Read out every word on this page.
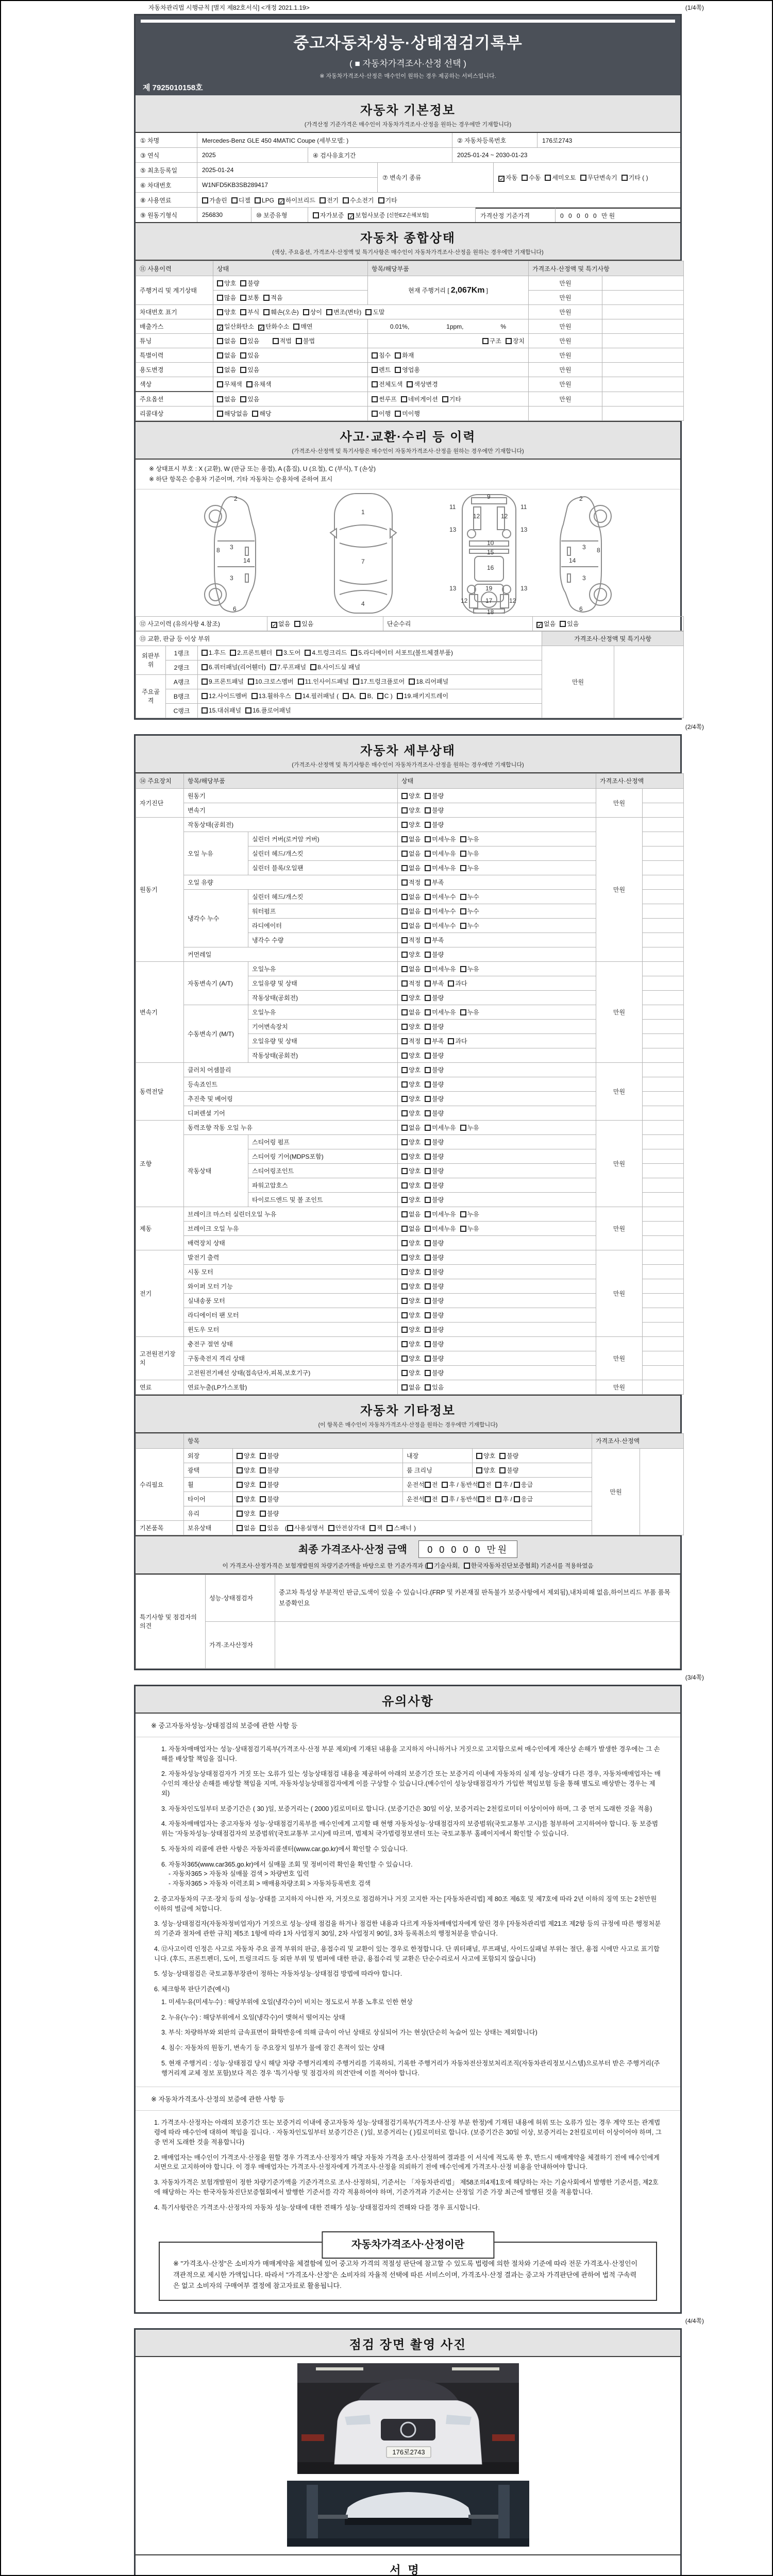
자동차관리법 시행규칙 [별지 제82호서식] <개정 2021.1.19>	(1/4쪽)
중고자동차성능·상태점검기록부
( ■ 자동차가격조사·산정 선택 )
※ 자동차가격조사·산정은 매수인이 원하는 경우 제공하는 서비스입니다.
제 7925010158호
자동차 기본정보
(가격산정 기준가격은 매수인이 자동차가격조사·산정을 원하는 경우에만 기재합니다)
① 차명	Mercedes-Benz GLE 450 4MATIC Coupe (세부모델: )	② 자동차등록번호	176로2743
③ 연식	2025	④ 검사유효기간	2025-01-24 ~ 2030-01-23
⑤ 최초등록일	2025-01-24
⑥ 차대번호	W1NFD5KB3SB289417
⑦ 변속기 종류	✓ 자동 수동 세미오토 무단변속기 기타 ( )
⑧ 사용연료	가솔린 디젤 LPG ✓ 하이브리드 전기 수소전기 기타
⑨ 원동기형식	256830	⑩ 보증유형	자가보증 ✓ 보험사보증 [신한EZ손해보험]	가격산정 기준가격	0 0 0 0 0 만원
자동차 종합상태
(색상, 주요옵션, 가격조사·산정액 및 특기사항은 매수인이 자동차가격조사·산정을 원하는 경우에만 기재합니다)
⑪ 사용이력	상태	항목/해당부품	가격조사·산정액 및 특기사항	
주행거리 및 계기상태	양호 불량	현재 주행거리 [ 2,067Km ]	만원	
	많음 보통 적음		만원	
차대번호 표기	양호 부식 훼손(오손) 상이 변조(변타) 도말		만원	
배출가스	✓ 일산화탄소 ✓ 탄화수소 매연	0.01%, 1ppm, %	만원	
튜닝	없음 있음 적법 불법	구조 장치	만원	
특별이력	없음 있음	침수 화재	만원	
용도변경	없음 있음	렌트 영업용	만원	
색상	무채색 유채색	전체도색 색상변경	만원	
주요옵션	없음 있음	썬루프 네비게이션 기타	만원	
리콜대상	해당없음 해당	이행 미이행		
사고·교환·수리 등 이력
(가격조사·산정액 및 특기사항은 매수인이 자동차가격조사·산정을 원하는 경우에만 기재합니다)
※ 상태표시 부호 : X (교환), W (판금 또는 용접), A (흠집), U (요철), C (부식), T (손상)
※ 하단 항목은 승용차 기준이며, 기타 자동차는 승용차에 준하여 표시
2
8 3
14
3
6
1
7
4
9
11	11
12	12
13	13
10
15
16
13	19	13
12	17	12
18
2
8
3
14
3
6
⑫ 사고이력 (유의사항 4.참조)	✓ 없음 있음	단순수리	✓ 없음 있음
⑬ 교환, 판금 등 이상 부위			가격조사·산정액 및 특기사항	
외판부위	1랭크	1.후드 2.프론트휀더 3.도어 4.트렁크리드 5.라디에이터 서포트(볼트체결부품)	만원	
	2랭크	6.쿼터패널(리어휀더) 7.루프패널 8.사이드실 패널		
주요골격	A랭크	9.프론트패널 10.크로스멤버 11.인사이드패널 17.트렁크플로어 18.리어패널		
	B랭크	12.사이드멤버 13.휠하우스 14.필러패널 ( A, B, C ) 19.패키지트레이		
	C랭크	15.대쉬패널 16.플로어패널		
(2/4쪽)
자동차 세부상태
(가격조사·산정액 및 특기사항은 매수인이 자동차가격조사·산정을 원하는 경우에만 기재합니다)
⑭ 주요장치	항목/해당부품		상태	가격조사·산정액	
자기진단	원동기		양호 불량	만원	
	변속기		양호 불량		
원동기	작동상태(공회전)		양호 불량	만원	
	오일 누유	실린더 커버(로커암 커버)	없음 미세누유 누유		
		실린더 헤드/개스킷	없음 미세누유 누유		
		실린더 블록/오일팬	없음 미세누유 누유		
	오일 유량		적정 부족		
	냉각수 누수	실린더 헤드/개스킷	없음 미세누수 누수		
		워터펌프	없음 미세누수 누수		
		라디에이터	없음 미세누수 누수		
		냉각수 수량	적정 부족		
	커먼레일		양호 불량		
변속기	자동변속기 (A/T)	오일누유	없음 미세누유 누유	만원	
		오일유량 및 상태	적정 부족 과다		
		작동상태(공회전)	양호 불량		
	수동변속기 (M/T)	오일누유	없음 미세누유 누유		
		기어변속장치	양호 불량		
		오일유량 및 상태	적정 부족 과다		
		작동상태(공회전)	양호 불량		
동력전달	클러치 어셈블리		양호 불량	만원	
	등속죠인트		양호 불량		
	추진축 및 베어링		양호 불량		
	디퍼렌셜 기어		양호 불량		
조향	동력조향 작동 오일 누유		없음 미세누유 누유	만원	
	작동상태	스티어링 펌프	양호 불량		
		스티어링 기어(MDPS포함)	양호 불량		
		스티어링조인트	양호 불량		
		파워고압호스	양호 불량		
		타이로드엔드 및 볼 조인트	양호 불량		
제동	브레이크 마스터 실린더오일 누유		없음 미세누유 누유	만원	
	브레이크 오일 누유		없음 미세누유 누유		
	배력장치 상태		양호 불량		
전기	발전기 출력		양호 불량	만원	
	시동 모터		양호 불량		
	와이퍼 모터 기능		양호 불량		
	실내송풍 모터		양호 불량		
	라디에이터 팬 모터		양호 불량		
	윈도우 모터		양호 불량		
고전원전기장치	충전구 절연 상태		양호 불량	만원	
	구동축전지 격리 상태		양호 불량		
	고전원전기배선 상태(접속단자,피복,보호기구)		양호 불량		
연료	연료누출(LP가스포함)		없음 있음	만원	
자동차 기타정보
(이 항목은 매수인이 자동차가격조사·산정을 원하는 경우에만 기재합니다)
	항목				가격조사·산정액	
수리필요	외장	양호 불량	내장	양호 불량	만원	
	광택	양호 불량	룸 크리닝	양호 불량		
	휠	양호 불량	운전석 전 후 / 동반석 전 후 / 응급			
	타이어	양호 불량	운전석 전 후 / 동반석 전 후 / 응급			
	유리	양호 불량				
기본품목	보유상태	없음 있음 ( 사용설명서 안전삼각대 잭 스패너 )				
최종 가격조사·산정 금액 0 0 0 0 0 만원
이 가격조사·산정가격은 보험개발원의 차량기준가액을 바탕으로 한 기준가격과 ( 기술사회, 한국자동차진단보증협회) 기준서를 적용하였음
특기사항 및 점검자의 의견	성능·상태점검자	중고차 특성상 부분적인 판금,도색이 있을 수 있습니다.(FRP 및 카본재질 판독불가 보증사항에서 제외됨),내차피해 없음,하이브리드 부품 품목 보증확인요
	가격·조사산정자	
(3/4쪽)
유의사항
※ 중고자동차성능·상태점검의 보증에 관한 사항 등
1. 자동차매매업자는 성능·상태점검기록부(가격조사·산정 부분 제외)에 기재된 내용을 고지하지 아니하거나 거짓으로 고지함으로써 매수인에게 재산상 손해가 발생한 경우에는 그 손해를 배상할 책임을 집니다.
2. 자동차성능상태점검자가 거짓 또는 오류가 있는 성능상태점검 내용을 제공하여 아래의 보증기간 또는 보증거리 이내에 자동차의 실제 성능·상태가 다른 경우, 자동차매매업자는 매수인의 재산상 손해를 배상할 책임을 지며, 자동차성능상태점검자에게 이를 구상할 수 있습니다.(매수인이 성능상태점검자가 가입한 책임보험 등을 통해 별도로 배상받는 경우는 제외)
3. 자동차인도일부터 보증기간은 ( 30 )일, 보증거리는 ( 2000 )킬로미터로 합니다. (보증기간은 30일 이상, 보증거리는 2천킬로미터 이상이어야 하며, 그 중 먼저 도래한 것을 적용)
4. 자동차매매업자는 중고자동차 성능·상태점검기록부를 매수인에게 고지할 때 현행 자동차성능·상태점검자의 보증범위(국토교통부 고시)를 첨부하여 고지하여야 합니다. 동 보증범위는 '자동차성능·상태점검자의 보증범위'(국토교통부 고시)에 따르며, 법제처 국가법령정보센터 또는 국토교통부 홈페이지에서 확인할 수 있습니다.
5. 자동차의 리콜에 관한 사항은 자동차리콜센터(www.car.go.kr)에서 확인할 수 있습니다.
6. 자동차365(www.car365.go.kr)에서 실매물 조회 및 정비이력 확인을 확인할 수 있습니다.
- 자동차365 > 자동차 실매물 검색 > 차량번호 입력
- 자동차365 > 자동차 이력조회 > 매매용차량조회 > 자동차등록번호 검색
2. 중고자동차의 구조·장치 등의 성능·상태를 고지하지 아니한 자, 거짓으로 점검하거나 거짓 고지한 자는 [자동차관리법] 제 80조 제6호 및 제7호에 따라 2년 이하의 징역 또는 2천만원 이하의 벌금에 처합니다.
3. 성능·상태점검자(자동차정비업자)가 거짓으로 성능·상태 점검을 하거나 점검한 내용과 다르게 자동차매매업자에게 알린 경우 [자동차관리법 제21조 제2항 등의 규정에 따른 행정처분의 기준과 절차에 관한 규칙] 제5조 1항에 따라 1차 사업정지 30일, 2차 사업정지 90일, 3차 등록취소의 행정처분을 받습니다.
4. ⑫사고이력 인정은 사고로 자동차 주요 골격 부위의 판금, 용접수리 및 교환이 있는 경우로 한정합니다. 단 쿼터패널, 루프패널, 사이드실패널 부위는 절단, 용접 시에만 사고로 표기합니다. (후드, 프론트펜더, 도어, 트렁크리드 등 외판 부위 및 범퍼에 대한 판금, 용접수리 및 교환은 단순수리로서 사고에 포함되지 않습니다)
5. 성능·상태점검은 국토교통부장관이 정하는 자동차성능·상태점검 방법에 따라야 합니다.
6. 체크항목 판단기준(예시)
1. 미세누유(미세누수) : 해당부위에 오일(냉각수)이 비치는 정도로서 부품 노후로 인한 현상
2. 누유(누수) : 해당부위에서 오일(냉각수)이 맺혀서 떨어지는 상태
3. 부식: 차량하부와 외판의 금속표면이 화학반응에 의해 금속이 아닌 상태로 상실되어 가는 현상(단순히 녹슬어 있는 상태는 제외합니다)
4. 침수: 자동차의 원동기, 변속기 등 주요장치 일부가 물에 잠긴 흔적이 있는 상태
5. 현재 주행거리 : 성능·상태점검 당시 해당 차량 주행거리계의 주행거리를 기록하되, 기록한 주행거리가 자동차전산정보처리조직(자동차관리정보시스템)으로부터 받은 주행거리(주행거리계 교체 정보 포함)보다 적은 경우 '특기사항 및 점검자의 의견'란에 이를 적어야 합니다.
※ 자동차가격조사·산정의 보증에 관한 사항 등
1. 가격조사·산정자는 아래의 보증기간 또는 보증거리 이내에 중고자동차 성능·상태점검기록부(가격조사·산정 부분 한정)에 기재된 내용에 허위 또는 오류가 있는 경우 계약 또는 관계법령에 따라 매수인에 대하여 책임을 집니다. · 자동차인도일부터 보증기간은 ( )일, 보증거리는 ( )킬로미터로 합니다. (보증기간은 30일 이상, 보증거리는 2천킬로미터 이상이어야 하며, 그 중 먼저 도래한 것을 적용합니다)
2. 매매업자는 매수인이 가격조사·산정을 원할 경우 가격조사·산정자가 해당 자동차 가격을 조사·산정하여 결과를 이 서식에 적도록 한 후, 반드시 매매계약을 체결하기 전에 매수인에게 서면으로 고지하여야 합니다. 이 경우 매매업자는 가격조사·산정자에게 가격조사·산정을 의뢰하기 전에 매수인에게 가격조사·산정 비용을 안내하여야 합니다.
3. 자동차가격은 보험개발원이 정한 차량기준가액을 기준가격으로 조사·산정하되, 기준서는 「자동차관리법」 제58조의4제1호에 해당하는 자는 기술사회에서 발행한 기준서를, 제2호에 해당하는 자는 한국자동차진단보증협회에서 발행한 기준서를 각각 적용하여야 하며, 기준가격과 기준서는 산정일 기준 가장 최근에 발행된 것을 적용합니다.
4. 특기사항란은 가격조사·산정자의 자동차 성능·상태에 대한 견해가 성능·상태점검자의 견해와 다를 경우 표시합니다.
자동차가격조사·산정이란
※ "가격조사·산정"은 소비자가 매매계약을 체결함에 있어 중고차 가격의 적절성 판단에 참고할 수 있도록 법령에 의한 절차와 기준에 따라 전문 가격조사·산정인이 객관적으로 제시한 가액입니다. 따라서 "가격조사·산정"은 소비자의 자율적 선택에 따른 서비스이며, 가격조사·산정 결과는 중고차 가격판단에 관하여 법적 구속력은 없고 소비자의 구매여부 결정에 참고자료로 활용됩니다.
(4/4쪽)
점검 장면 촬영 사진
176로2743
서명
